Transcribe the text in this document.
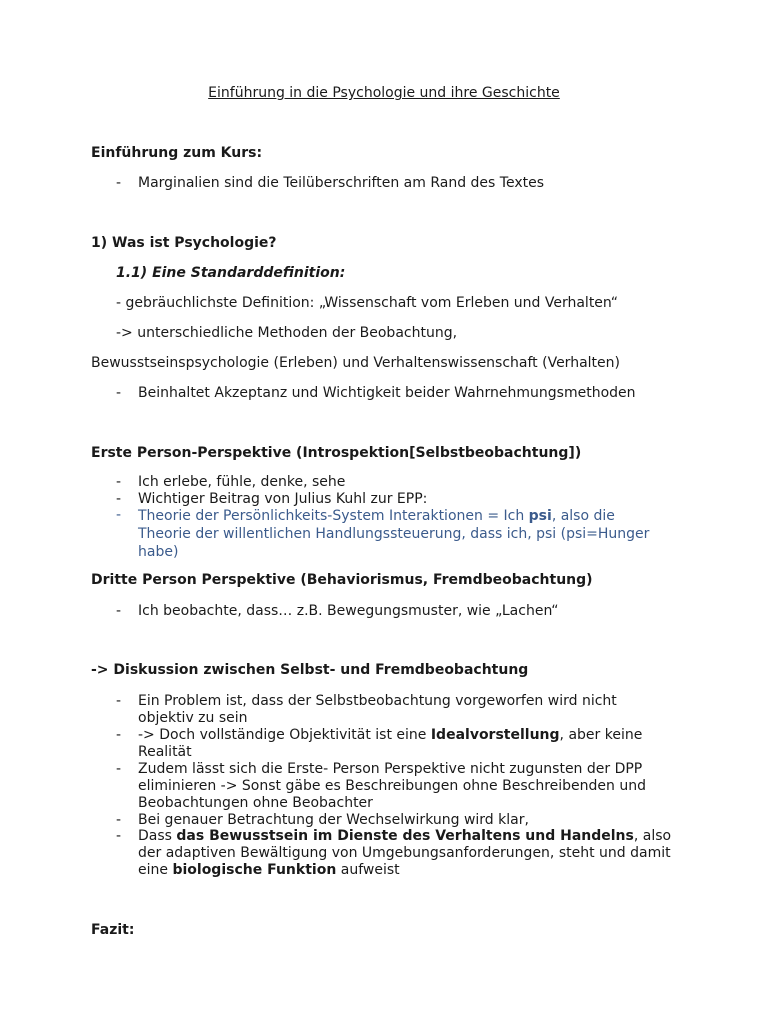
Einführung in die Psychologie und ihre Geschichte
Einführung zum Kurs:
- Marginalien sind die Teilüberschriften am Rand des Textes
1) Was ist Psychologie?
1.1) Eine Standarddefinition:
- gebräuchlichste Definition: „Wissenschaft vom Erleben und Verhalten“
-> unterschiedliche Methoden der Beobachtung,
Bewusstseinspsychologie (Erleben) und Verhaltenswissenschaft (Verhalten)
- Beinhaltet Akzeptanz und Wichtigkeit beider Wahrnehmungsmethoden
Erste Person-Perspektive (Introspektion[Selbstbeobachtung])
- Ich erlebe, fühle, denke, sehe
- Wichtiger Beitrag von Julius Kuhl zur EPP:
- Theorie der Persönlichkeits-System Interaktionen = Ich psi, also die Theorie der willentlichen Handlungssteuerung, dass ich, psi (psi=Hunger habe)
Dritte Person Perspektive (Behaviorismus, Fremdbeobachtung)
- Ich beobachte, dass… z.B. Bewegungsmuster, wie „Lachen“
-> Diskussion zwischen Selbst- und Fremdbeobachtung
- Ein Problem ist, dass der Selbstbeobachtung vorgeworfen wird nicht objektiv zu sein
- -> Doch vollständige Objektivität ist eine Idealvorstellung, aber keine Realität
- Zudem lässt sich die Erste- Person Perspektive nicht zugunsten der DPP eliminieren -> Sonst gäbe es Beschreibungen ohne Beschreibenden und Beobachtungen ohne Beobachter
- Bei genauer Betrachtung der Wechselwirkung wird klar,
- Dass das Bewusstsein im Dienste des Verhaltens und Handelns, also der adaptiven Bewältigung von Umgebungsanforderungen, steht und damit eine biologische Funktion aufweist
Fazit:
